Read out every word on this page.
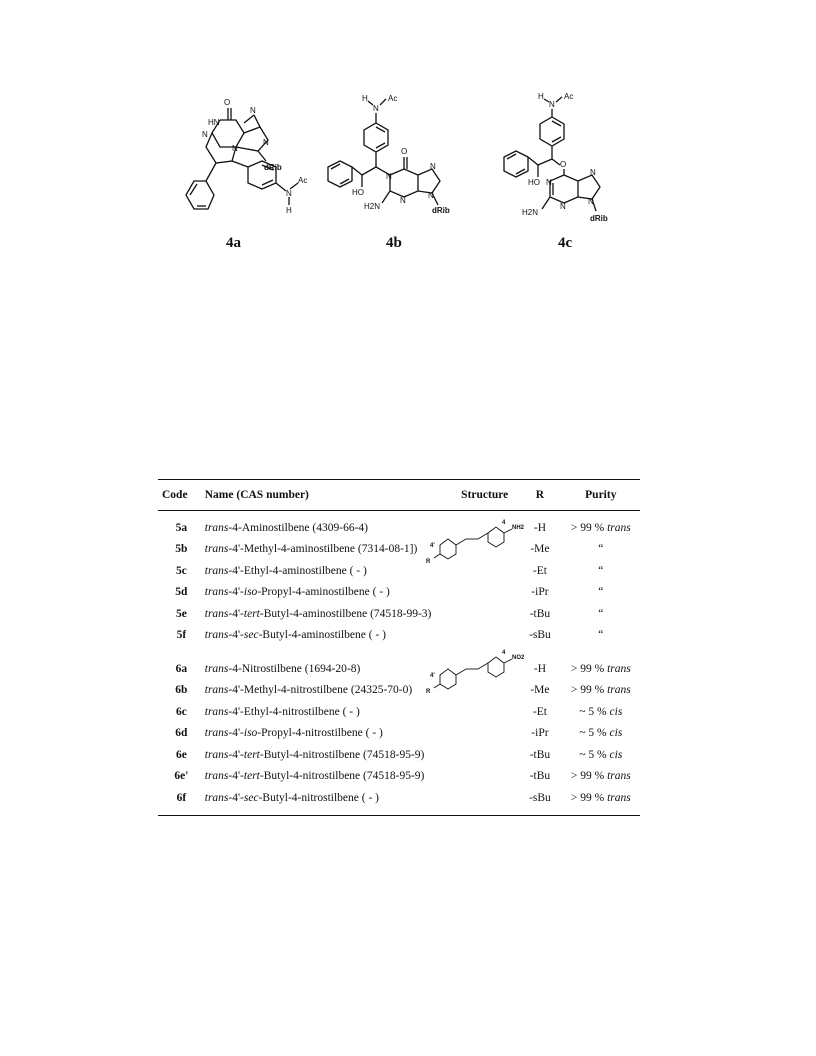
O
HN
N
N
N
N
dRib
N
Ac
H
H
N
Ac
O
N
N
N
N
HO
H2N	dRib
H
N
Ac
O
HO
N
N
N
N
H2N
dRib
4a	4b	4c
Code	Name (CAS number)	Structure	R	Purity
5a	trans-4-Aminostilbene (4309-66-4)		-H	> 99 % trans
5b	trans-4'-Methyl-4-aminostilbene (7314-08-1])		-Me	“
5c	trans-4'-Ethyl-4-aminostilbene ( - )		-Et	“
5d	trans-4'-iso-Propyl-4-aminostilbene ( - )		-iPr	“
5e	trans-4'-tert-Butyl-4-aminostilbene (74518-99-3)		-tBu	“
5f	trans-4'-sec-Butyl-4-aminostilbene ( - )		-sBu	“

6a	trans-4-Nitrostilbene (1694-20-8)		-H	> 99 % trans
6b	trans-4'-Methyl-4-nitrostilbene (24325-70-0)		-Me	> 99 % trans
6c	trans-4'-Ethyl-4-nitrostilbene ( - )		-Et	~ 5 % cis
6d	trans-4'-iso-Propyl-4-nitrostilbene ( - )		-iPr	~ 5 % cis
6e	trans-4'-tert-Butyl-4-nitrostilbene (74518-95-9)		-tBu	~ 5 % cis
6e'	trans-4'-tert-Butyl-4-nitrostilbene (74518-95-9)		-tBu	> 99 % trans
6f	trans-4'-sec-Butyl-4-nitrostilbene ( - )		-sBu	> 99 % trans
NH2
4
4'
R
NO2
4
4'
R
